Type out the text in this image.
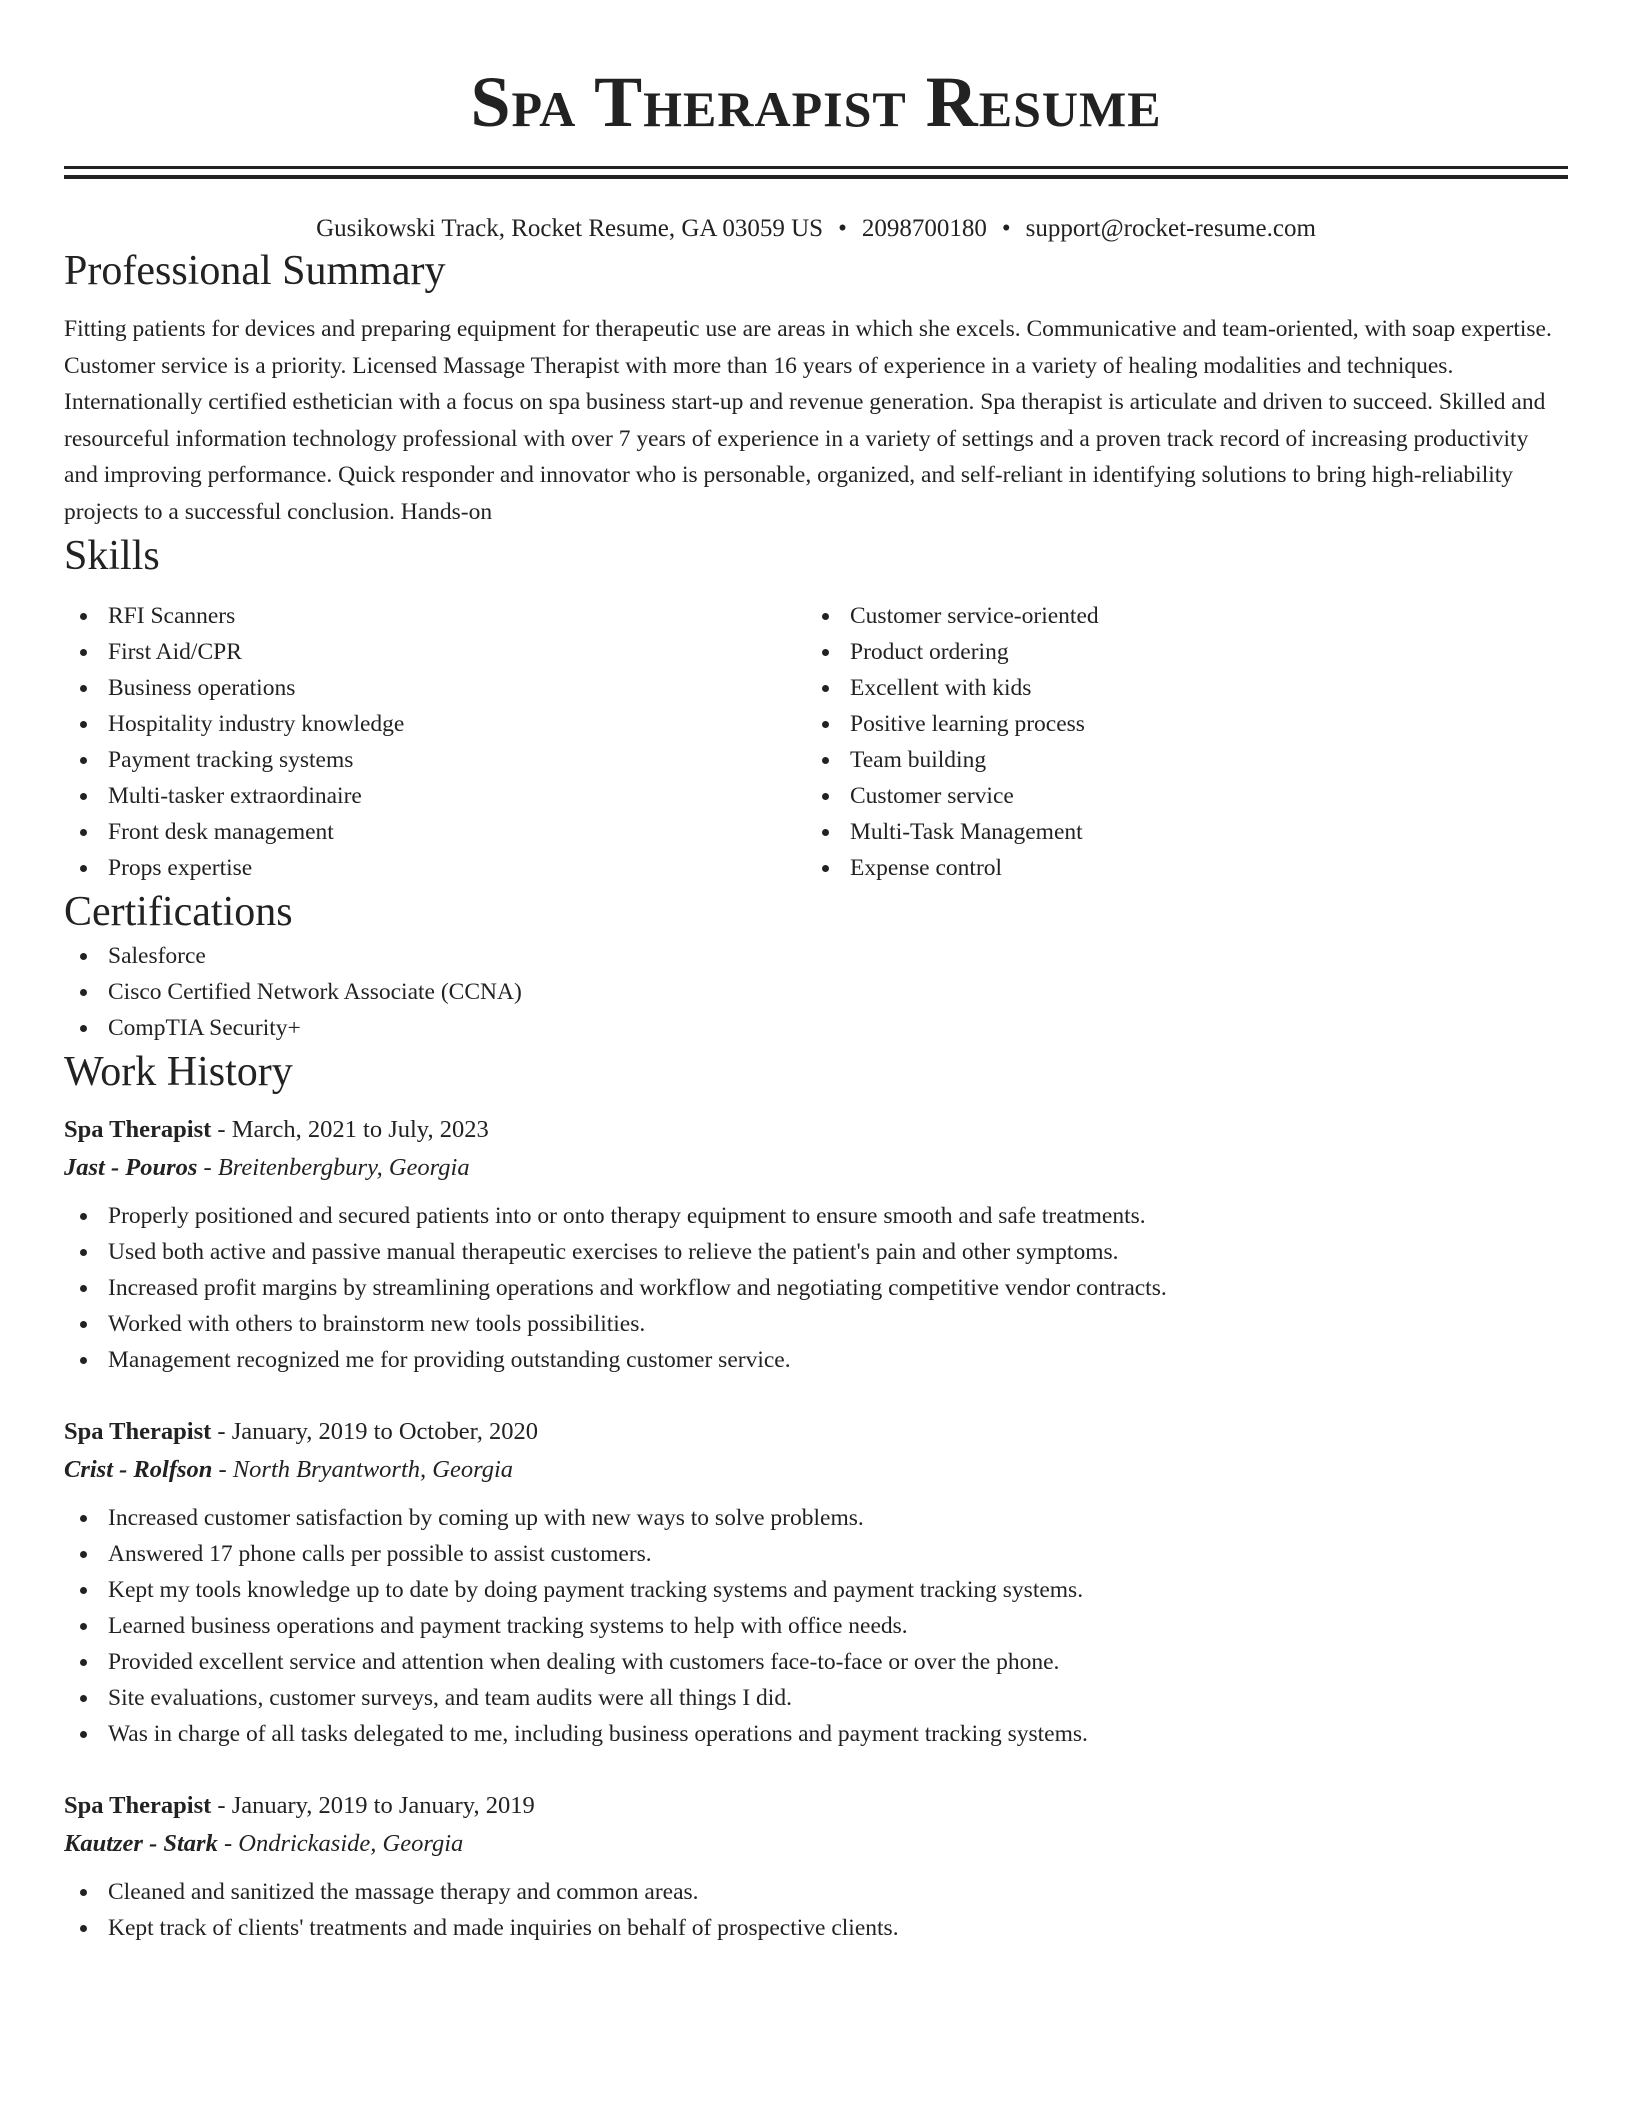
Spa Therapist Resume
Gusikowski Track, Rocket Resume, GA 03059 US • 2098700180 • support@rocket-resume.com
Professional Summary

Fitting patients for devices and preparing equipment for therapeutic use are areas in which she excels. Communicative and team-oriented, with soap expertise. Customer service is a priority. Licensed Massage Therapist with more than 16 years of experience in a variety of healing modalities and techniques. Internationally certified esthetician with a focus on spa business start-up and revenue generation. Spa therapist is articulate and driven to succeed. Skilled and resourceful information technology professional with over 7 years of experience in a variety of settings and a proven track record of increasing productivity and improving performance. Quick responder and innovator who is personable, organized, and self-reliant in identifying solutions to bring high-reliability projects to a successful conclusion. Hands-on

Skills
RFI Scanners
First Aid/CPR
Business operations
Hospitality industry knowledge
Payment tracking systems
Multi-tasker extraordinaire
Front desk management
Props expertise
Customer service-oriented
Product ordering
Excellent with kids
Positive learning process
Team building
Customer service
Multi-Task Management
Expense control
Certifications
Salesforce
Cisco Certified Network Associate (CCNA)
CompTIA Security+
Work History
Spa Therapist - March, 2021 to July, 2023
Jast - Pouros - Breitenbergbury, Georgia
Properly positioned and secured patients into or onto therapy equipment to ensure smooth and safe treatments.
Used both active and passive manual therapeutic exercises to relieve the patient's pain and other symptoms.
Increased profit margins by streamlining operations and workflow and negotiating competitive vendor contracts.
Worked with others to brainstorm new tools possibilities.
Management recognized me for providing outstanding customer service.
Spa Therapist - January, 2019 to October, 2020
Crist - Rolfson - North Bryantworth, Georgia
Increased customer satisfaction by coming up with new ways to solve problems.
Answered 17 phone calls per possible to assist customers.
Kept my tools knowledge up to date by doing payment tracking systems and payment tracking systems.
Learned business operations and payment tracking systems to help with office needs.
Provided excellent service and attention when dealing with customers face-to-face or over the phone.
Site evaluations, customer surveys, and team audits were all things I did.
Was in charge of all tasks delegated to me, including business operations and payment tracking systems.
Spa Therapist - January, 2019 to January, 2019
Kautzer - Stark - Ondrickaside, Georgia
Cleaned and sanitized the massage therapy and common areas.
Kept track of clients' treatments and made inquiries on behalf of prospective clients.
